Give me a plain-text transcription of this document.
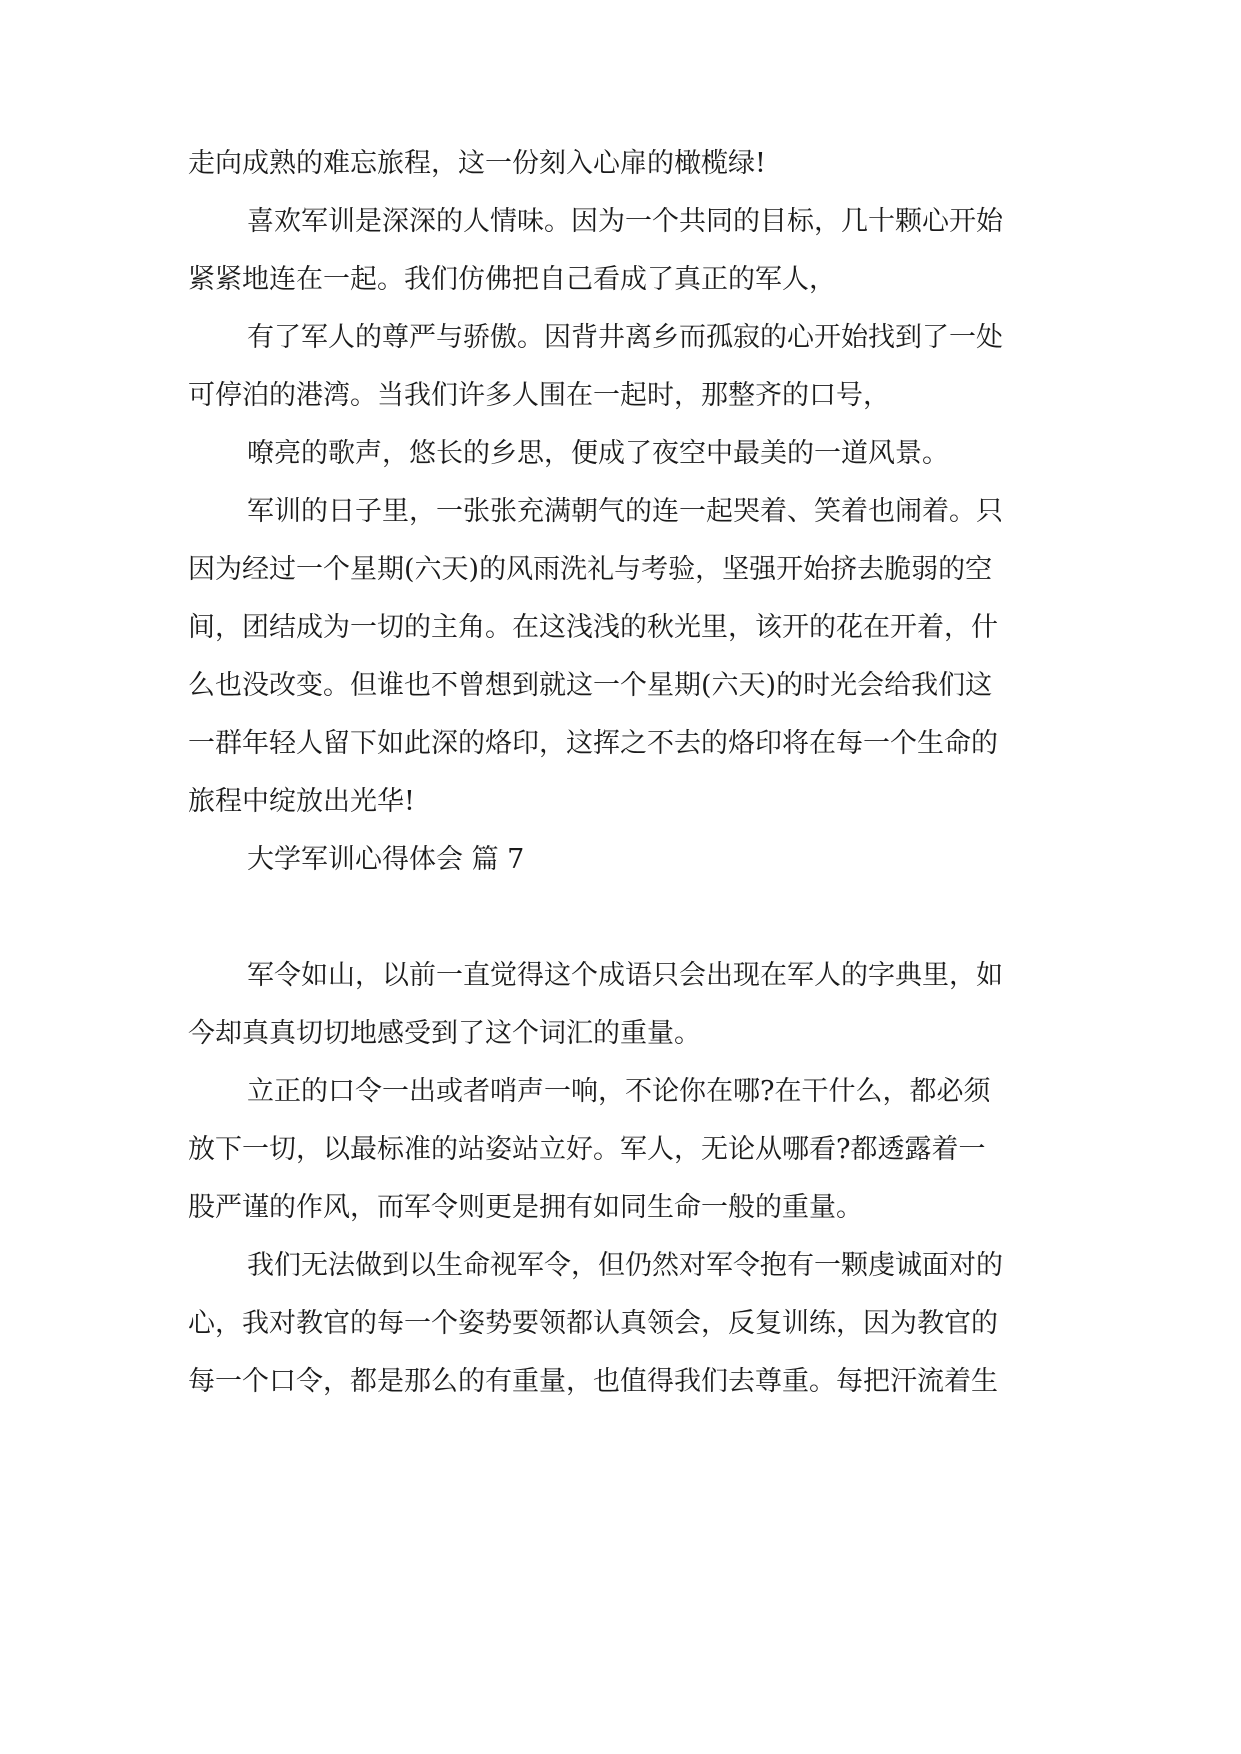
走向成熟的难忘旅程，这一份刻入心扉的橄榄绿!

喜欢军训是深深的人情味。因为一个共同的目标，几十颗心开始

紧紧地连在一起。我们仿佛把自己看成了真正的军人，

有了军人的尊严与骄傲。因背井离乡而孤寂的心开始找到了一处

可停泊的港湾。当我们许多人围在一起时，那整齐的口号，

嘹亮的歌声，悠长的乡思，便成了夜空中最美的一道风景。

军训的日子里，一张张充满朝气的连一起哭着、笑着也闹着。只

因为经过一个星期(六天)的风雨洗礼与考验，坚强开始挤去脆弱的空

间，团结成为一切的主角。在这浅浅的秋光里，该开的花在开着，什

么也没改变。但谁也不曾想到就这一个星期(六天)的时光会给我们这

一群年轻人留下如此深的烙印，这挥之不去的烙印将在每一个生命的

旅程中绽放出光华!

大学军训心得体会 篇 7

军令如山，以前一直觉得这个成语只会出现在军人的字典里，如

今却真真切切地感受到了这个词汇的重量。

立正的口令一出或者哨声一响，不论你在哪?在干什么，都必须

放下一切，以最标准的站姿站立好。军人，无论从哪看?都透露着一

股严谨的作风，而军令则更是拥有如同生命一般的重量。

我们无法做到以生命视军令，但仍然对军令抱有一颗虔诚面对的

心，我对教官的每一个姿势要领都认真领会，反复训练，因为教官的

每一个口令，都是那么的有重量，也值得我们去尊重。每把汗流着生
